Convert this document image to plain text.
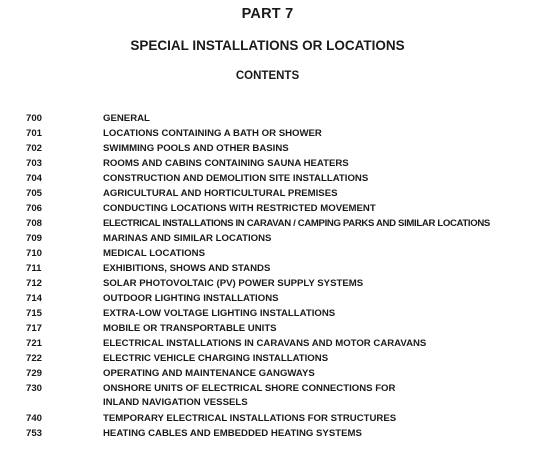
PART 7
SPECIAL INSTALLATIONS OR LOCATIONS
CONTENTS
700	GENERAL
701	LOCATIONS CONTAINING A BATH OR SHOWER
702	SWIMMING POOLS AND OTHER BASINS
703	ROOMS AND CABINS CONTAINING SAUNA HEATERS
704	CONSTRUCTION AND DEMOLITION SITE INSTALLATIONS
705	AGRICULTURAL AND HORTICULTURAL PREMISES
706	CONDUCTING LOCATIONS WITH RESTRICTED MOVEMENT
708	ELECTRICAL INSTALLATIONS IN CARAVAN / CAMPING PARKS AND SIMILAR LOCATIONS
709	MARINAS AND SIMILAR LOCATIONS
710	MEDICAL LOCATIONS
711	EXHIBITIONS, SHOWS AND STANDS
712	SOLAR PHOTOVOLTAIC (PV) POWER SUPPLY SYSTEMS
714	OUTDOOR LIGHTING INSTALLATIONS
715	EXTRA-LOW VOLTAGE LIGHTING INSTALLATIONS
717	MOBILE OR TRANSPORTABLE UNITS
721	ELECTRICAL INSTALLATIONS IN CARAVANS AND MOTOR CARAVANS
722	ELECTRIC VEHICLE CHARGING INSTALLATIONS
729	OPERATING AND MAINTENANCE GANGWAYS
730	ONSHORE UNITS OF ELECTRICAL SHORE CONNECTIONS FOR INLAND NAVIGATION VESSELS
740	TEMPORARY ELECTRICAL INSTALLATIONS FOR STRUCTURES
753	HEATING CABLES AND EMBEDDED HEATING SYSTEMS
